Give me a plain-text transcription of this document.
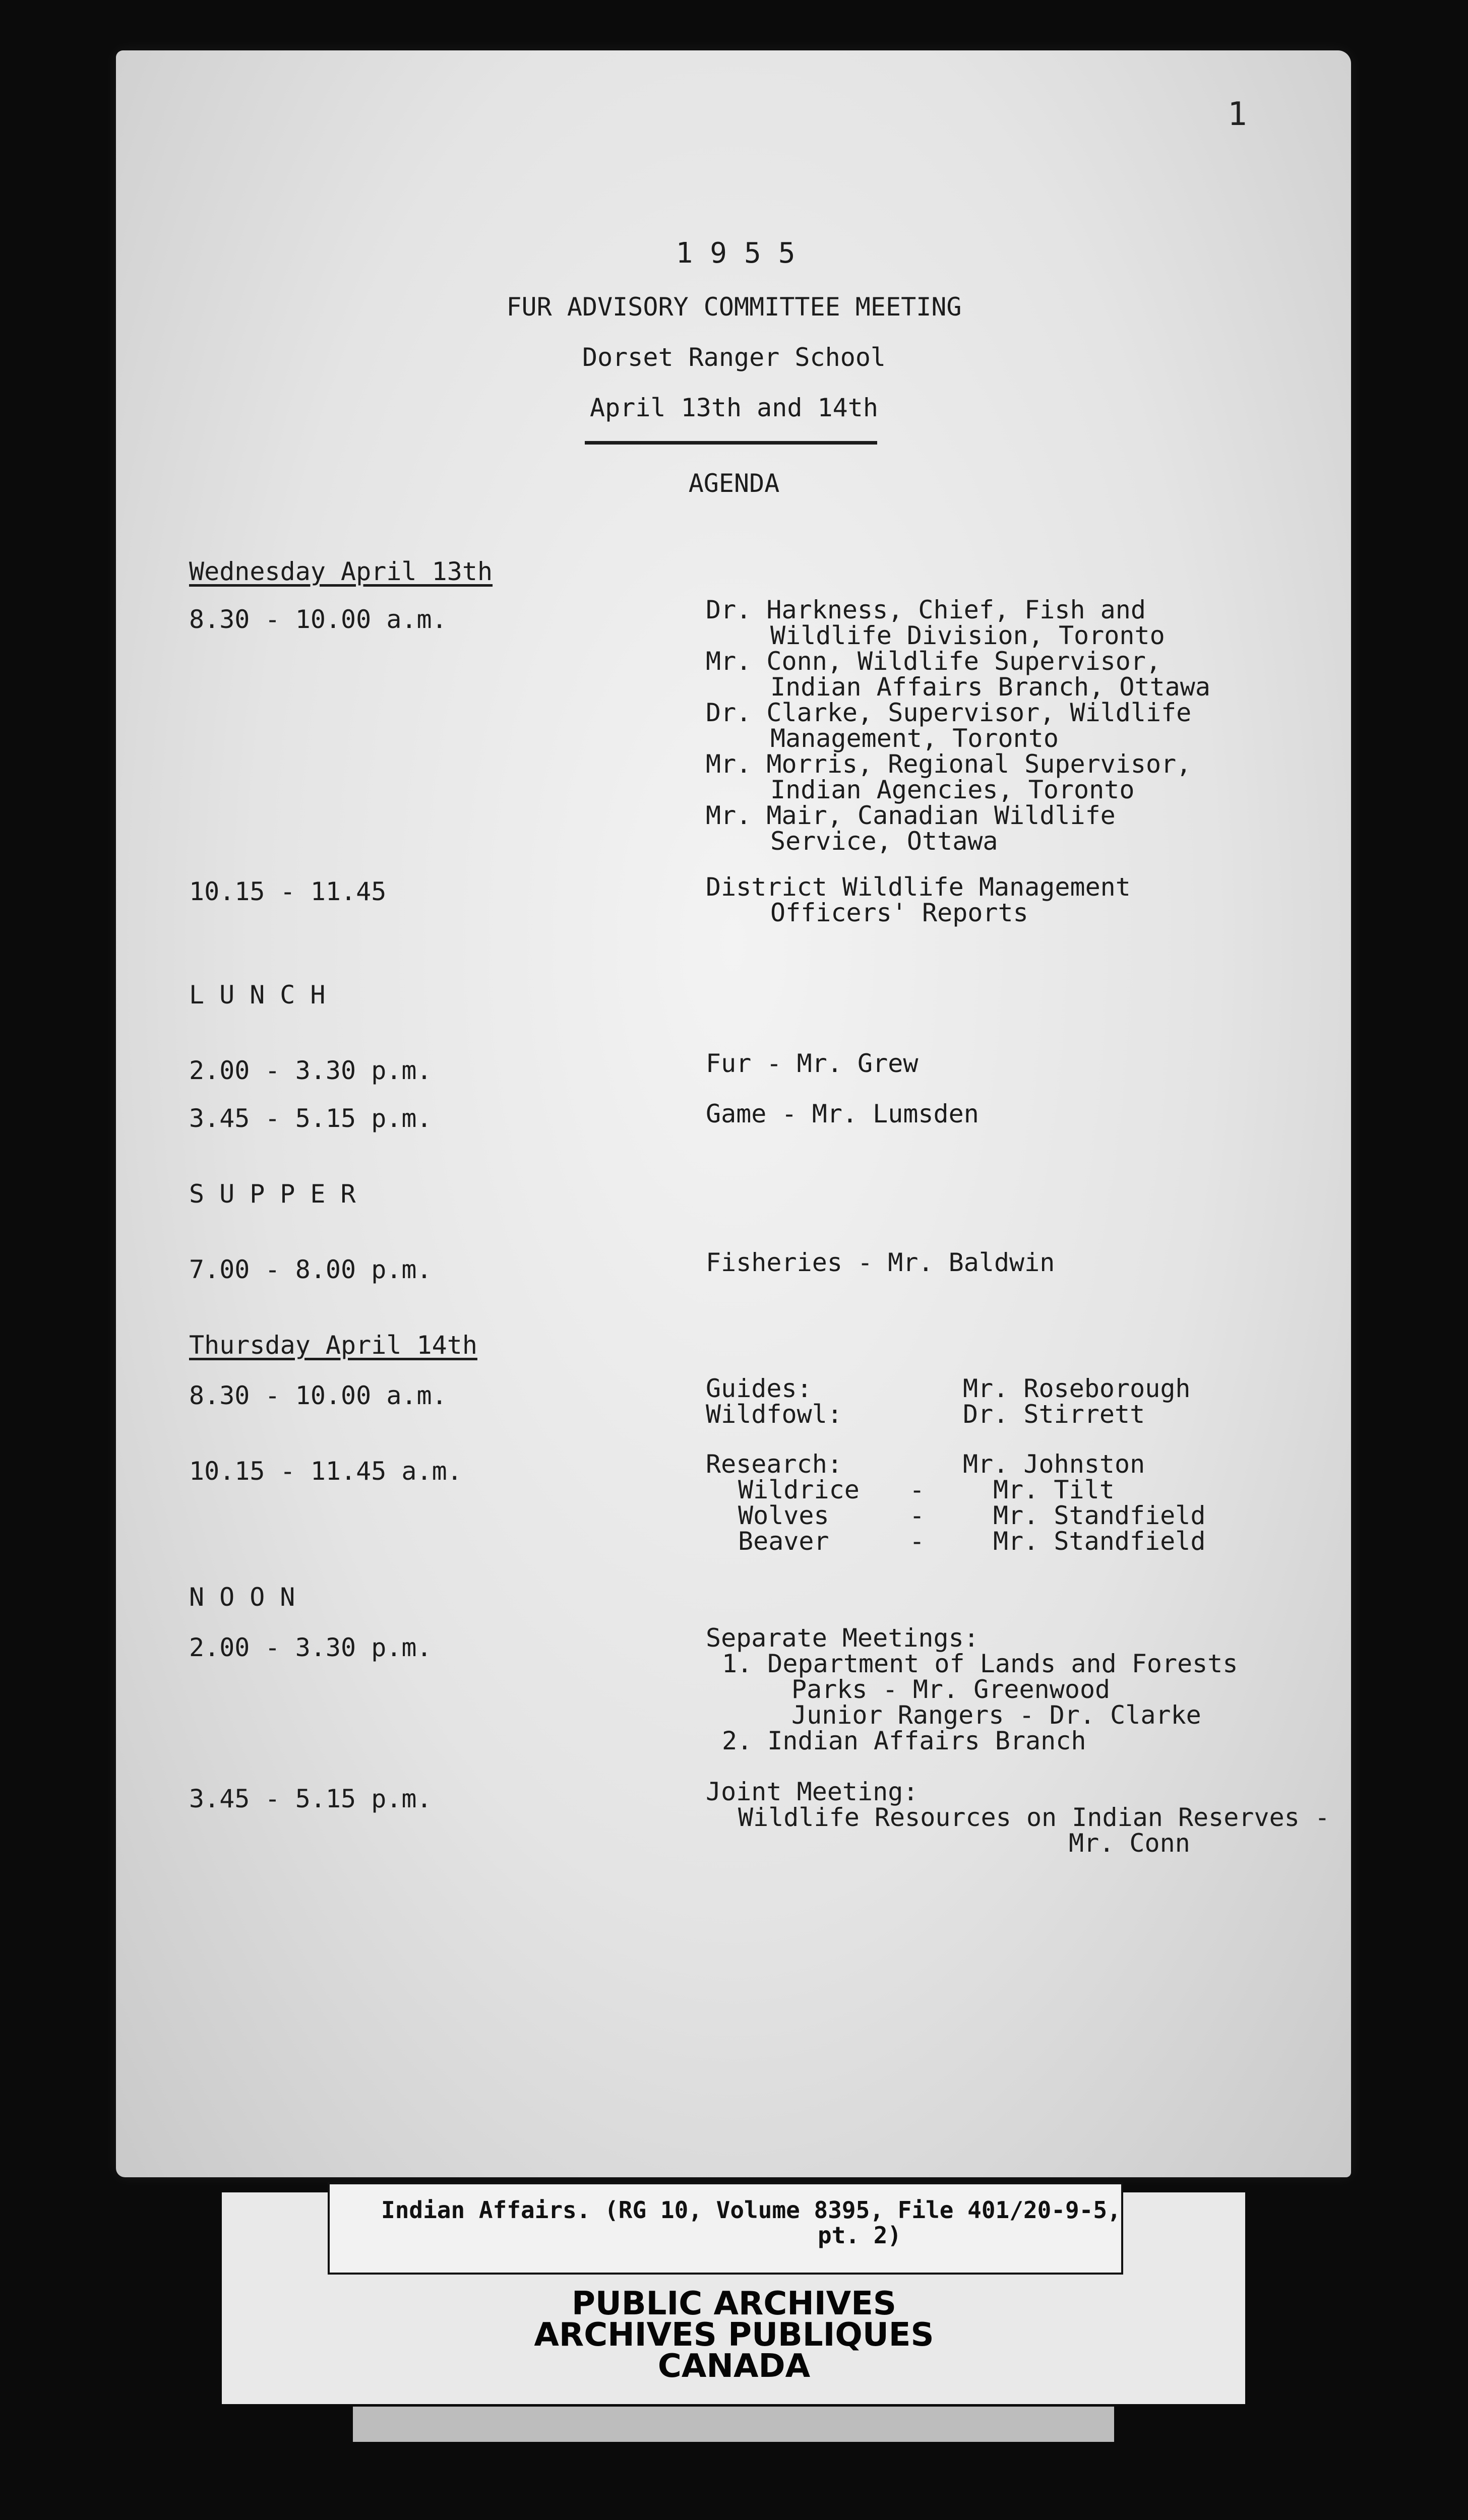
1
1955
FUR ADVISORY COMMITTEE MEETING
Dorset Ranger School
April 13th and 14th
AGENDA
Wednesday April 13th
8.30 - 10.00 a.m.	Dr. Harkness, Chief, Fish and
Wildlife Division, Toronto
Mr. Conn, Wildlife Supervisor,
Indian Affairs Branch, Ottawa
Dr. Clarke, Supervisor, Wildlife
Management, Toronto
Mr. Morris, Regional Supervisor,
Indian Agencies, Toronto
Mr. Mair, Canadian Wildlife
Service, Ottawa
10.15 - 11.45	District Wildlife Management
Officers' Reports
LUNCH
2.00 - 3.30 p.m.	Fur - Mr. Grew
3.45 - 5.15 p.m.	Game - Mr. Lumsden
SUPPER
7.00 - 8.00 p.m.	Fisheries - Mr. Baldwin
Thursday April 14th
8.30 - 10.00 a.m.	Guides:	Mr. Roseborough
Wildfowl:	Dr. Stirrett
10.15 - 11.45 a.m.	Research:	Mr. Johnston
Wildrice -	Mr. Tilt
Wolves	-	Mr. Standfield
Beaver	-	Mr. Standfield
NOON
2.00 - 3.30 p.m.	Separate Meetings:
1. Department of Lands and Forests
Parks - Mr. Greenwood
Junior Rangers - Dr. Clarke
2. Indian Affairs Branch
3.45 - 5.15 p.m.	Joint Meeting:
Wildlife Resources on Indian Reserves -
Mr. Conn
Indian Affairs. (RG 10, Volume 8395, File 401/20-9-5,
pt. 2)
PUBLIC ARCHIVES
ARCHIVES PUBLIQUES
CANADA
